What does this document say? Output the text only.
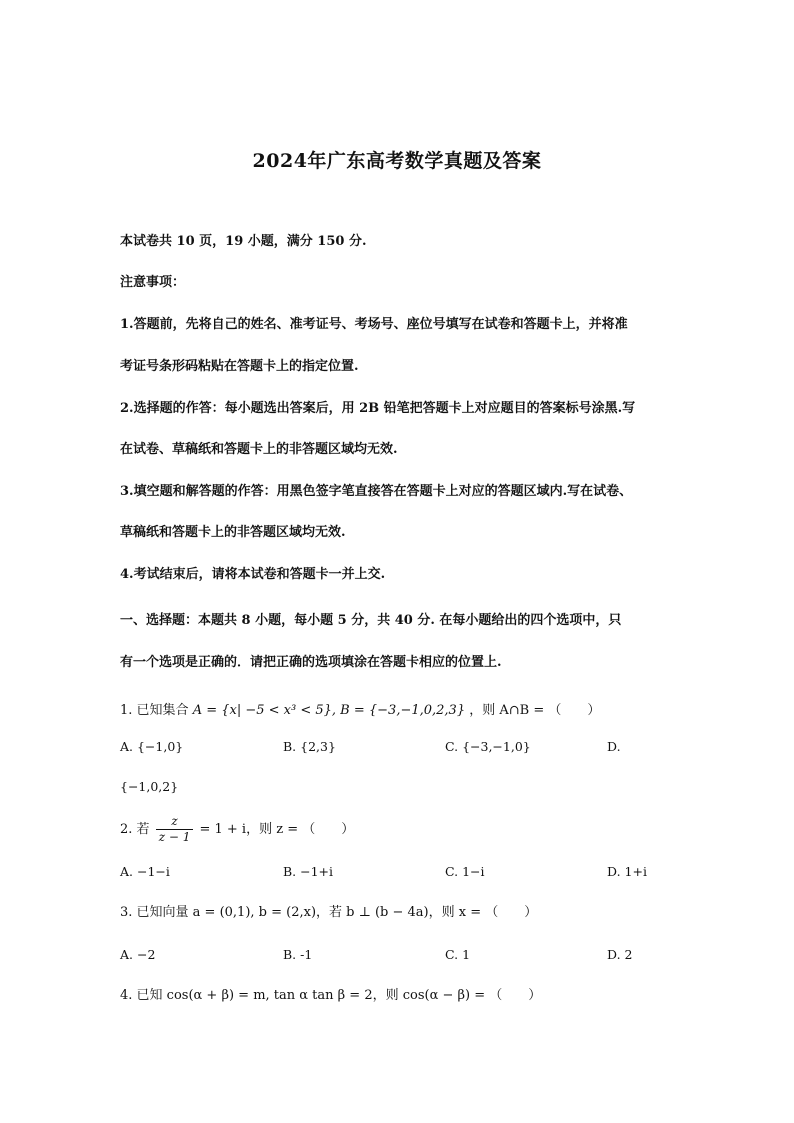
2024年广东高考数学真题及答案
本试卷共 10 页，19 小题，满分 150 分.
注意事项：
1.答题前，先将自己的姓名、准考证号、考场号、座位号填写在试卷和答题卡上，并将准
考证号条形码粘贴在答题卡上的指定位置.
2.选择题的作答：每小题选出答案后，用 2B 铅笔把答题卡上对应题目的答案标号涂黑.写
在试卷、草稿纸和答题卡上的非答题区域均无效.
3.填空题和解答题的作答：用黑色签字笔直接答在答题卡上对应的答题区域内.写在试卷、
草稿纸和答题卡上的非答题区域均无效.
4.考试结束后，请将本试卷和答题卡一并上交.
一、选择题：本题共 8 小题，每小题 5 分，共 40 分. 在每小题给出的四个选项中，只
有一个选项是正确的．请把正确的选项填涂在答题卡相应的位置上.
1. 已知集合 A = {x| −5 < x³ < 5}, B = {−3,−1,0,2,3} ，则 A∩B = （　　）
A. {−1,0}	B. {2,3}	C. {−3,−1,0}	D.
{−1,0,2}
2. 若 $\frac{z}{z - 1} = 1 + i$，则 z = （　　）
A. −1−i	B. −1+i	C. 1−i	D. 1+i
3. 已知向量 a = (0,1), b = (2,x)，若 b ⊥ (b − 4a)，则 x = （　　）
A. −2	B. -1	C. 1	D. 2
4. 已知 cos(α + β) = m, tan α tan β = 2，则 cos(α − β) = （　　）
